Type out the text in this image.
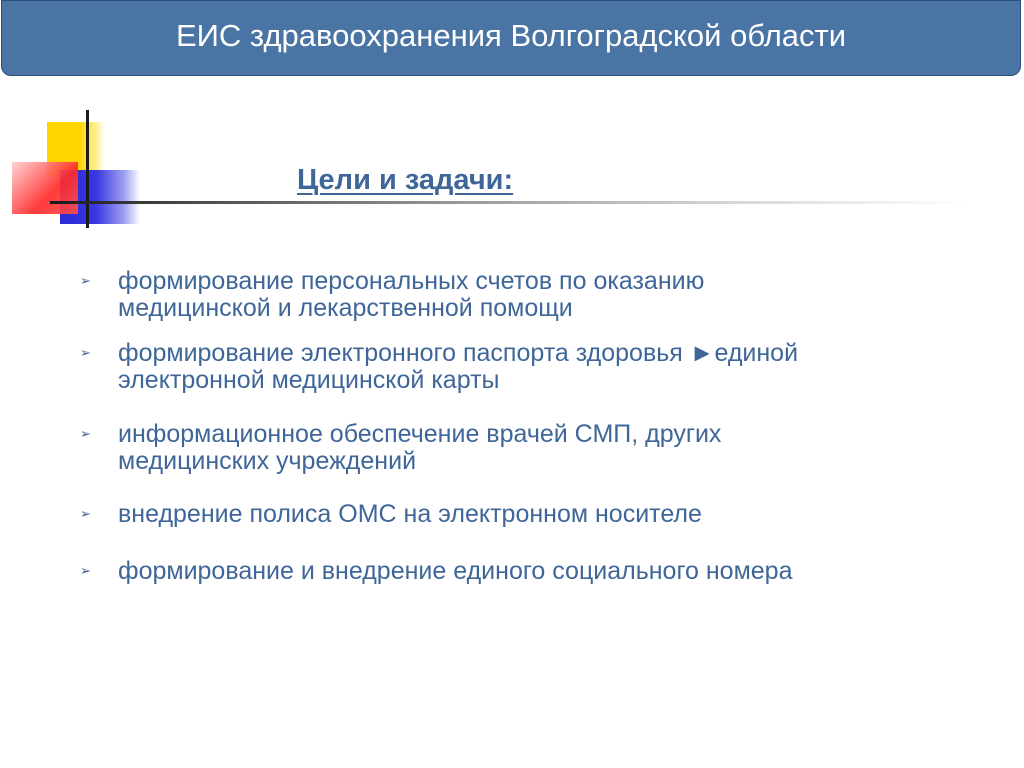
ЕИС здравоохранения Волгоградской области
Цели и задачи:
➢ формирование персональных счетов по оказанию
медицинской и лекарственной помощи
➢ формирование электронного паспорта здоровья ►единой
электронной медицинской карты
➢ информационное обеспечение врачей СМП, других
медицинских учреждений
➢ внедрение полиса ОМС на электронном носителе
➢ формирование и внедрение единого социального номера
